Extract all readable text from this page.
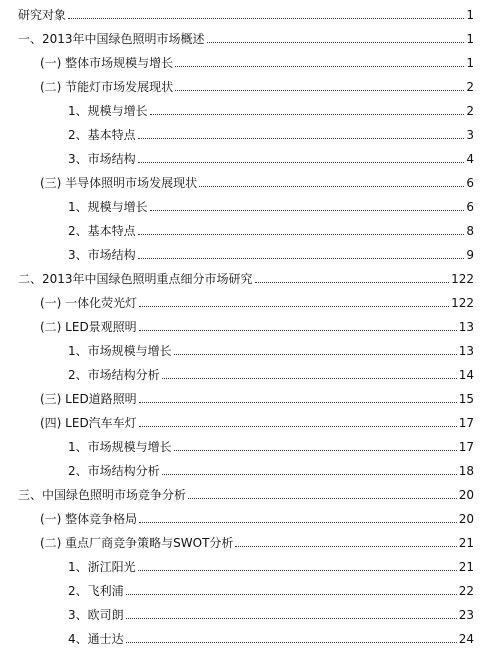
研究对象	1
一、2013年中国绿色照明市场概述	1
(一) 整体市场规模与增长	1
(二) 节能灯市场发展现状	2
1、规模与增长	2
2、基本特点	3
3、市场结构	4
(三) 半导体照明市场发展现状	6
1、规模与增长	6
2、基本特点	8
3、市场结构	9
二、2013年中国绿色照明重点细分市场研究	122
(一) 一体化荧光灯	122
(二) LED景观照明	13
1、市场规模与增长	13
2、市场结构分析	14
(三) LED道路照明	15
(四) LED汽车车灯	17
1、市场规模与增长	17
2、市场结构分析	18
三、中国绿色照明市场竞争分析	20
(一) 整体竞争格局	20
(二) 重点厂商竞争策略与SWOT分析	21
1、浙江阳光	21
2、飞利浦	22
3、欧司朗	23
4、通士达	24
